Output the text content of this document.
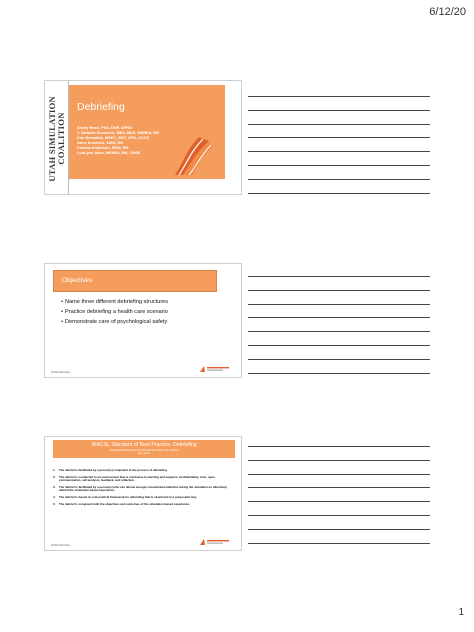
6/12/20
UTAH SIMULATION
COALITION
Debriefing
Shelly Reed, PhD, DNP, APRN
J. Melanie Summers, MEd, MSS, MSNEd, RN
Kim Benedick, MSEC, BBT, NPS, ACCS
Anne Kendrick, MSN, RN
Pamela Anderson, MSN, RN
LuuLynn Allen, MSNEd, RN, CHSE
Objectives
• Name three different debriefing structures
• Practice debriefing a health care scenario
• Demonstrate care of psychological safety
6/2022 Debriefing
INACSL Standard of Best Practice: Debriefing
International Association for Clinical Simulation and Learning
(Gur sesh)
1.	The debrief is facilitated by a person(s) competent in the process of debriefing.
2.	The debrief is conducted in an environment that is conducive to learning and supports confidentiality, trust, open communication, self-analysis, feedback, and reflection.
3.	The debrief is facilitated by a person(s) who can devote enough concentrated attention during the simulation to effectively debrief the simulation-based experience.
4.	The debrief is based on a theoretical framework for debriefing that is structured in a purposeful way.
5.	The debrief is congruent with the objectives and outcomes of the simulation-based experience.
6/2022 Debriefing
1
